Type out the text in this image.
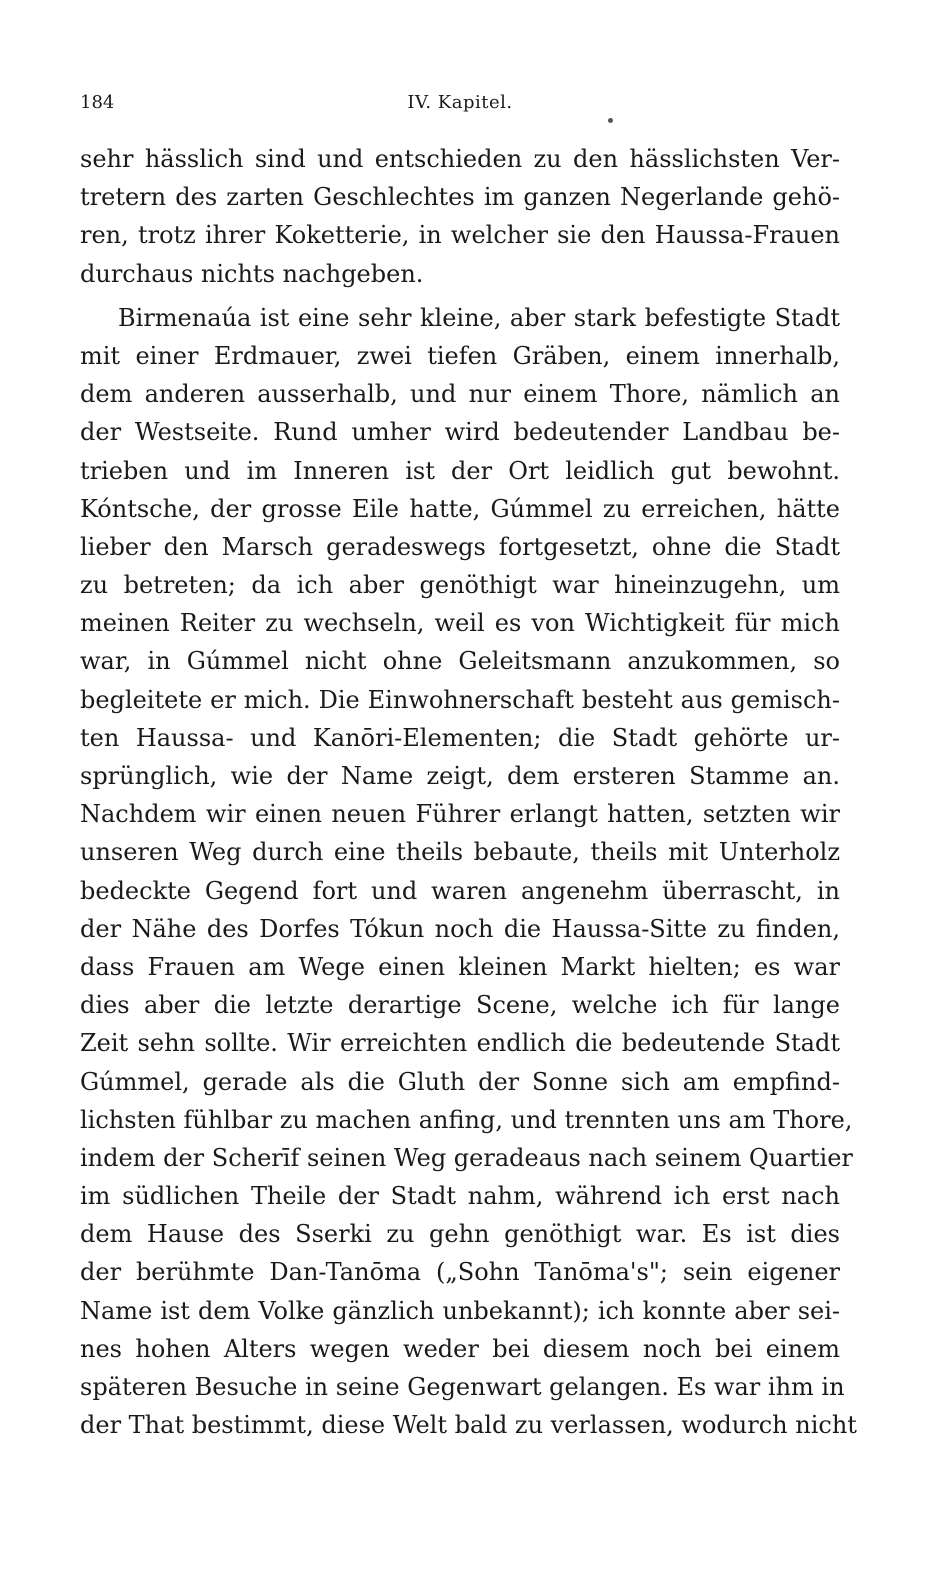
184	IV. Kapitel.
sehr hässlich sind und entschieden zu den hässlichsten Ver-
tretern des zarten Geschlechtes im ganzen Negerlande gehö-
ren, trotz ihrer Koketterie, in welcher sie den Haussa-Frauen
durchaus nichts nachgeben.
Birmenaúa ist eine sehr kleine, aber stark befestigte Stadt
mit einer Erdmauer, zwei tiefen Gräben, einem innerhalb,
dem anderen ausserhalb, und nur einem Thore, nämlich an
der Westseite. Rund umher wird bedeutender Landbau be-
trieben und im Inneren ist der Ort leidlich gut bewohnt.
Kóntsche, der grosse Eile hatte, Gúmmel zu erreichen, hätte
lieber den Marsch geradeswegs fortgesetzt, ohne die Stadt
zu betreten; da ich aber genöthigt war hineinzugehn, um
meinen Reiter zu wechseln, weil es von Wichtigkeit für mich
war, in Gúmmel nicht ohne Geleitsmann anzukommen, so
begleitete er mich. Die Einwohnerschaft besteht aus gemisch-
ten Haussa- und Kanōri-Elementen; die Stadt gehörte ur-
sprünglich, wie der Name zeigt, dem ersteren Stamme an.
Nachdem wir einen neuen Führer erlangt hatten, setzten wir
unseren Weg durch eine theils bebaute, theils mit Unterholz
bedeckte Gegend fort und waren angenehm überrascht, in
der Nähe des Dorfes Tókun noch die Haussa-Sitte zu finden,
dass Frauen am Wege einen kleinen Markt hielten; es war
dies aber die letzte derartige Scene, welche ich für lange
Zeit sehn sollte. Wir erreichten endlich die bedeutende Stadt
Gúmmel, gerade als die Gluth der Sonne sich am empfind-
lichsten fühlbar zu machen anfing, und trennten uns am Thore,
indem der Scherīf seinen Weg geradeaus nach seinem Quartier
im südlichen Theile der Stadt nahm, während ich erst nach
dem Hause des Sserki zu gehn genöthigt war. Es ist dies
der berühmte Dan-Tanōma („Sohn Tanōma's"; sein eigener
Name ist dem Volke gänzlich unbekannt); ich konnte aber sei-
nes hohen Alters wegen weder bei diesem noch bei einem
späteren Besuche in seine Gegenwart gelangen. Es war ihm in
der That bestimmt, diese Welt bald zu verlassen, wodurch nicht
